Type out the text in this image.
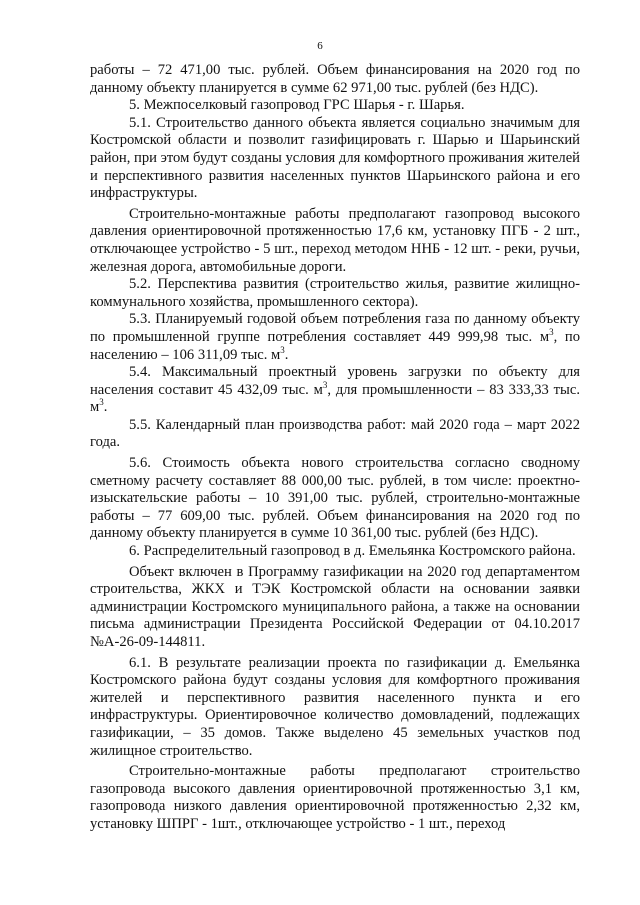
6

работы – 72 471,00 тыс. рублей. Объем финансирования на 2020 год по данному объекту планируется в сумме 62 971,00 тыс. рублей (без НДС).

5. Межпоселковый газопровод ГРС Шарья - г. Шарья.

5.1. Строительство данного объекта является социально значимым для Костромской области и позволит газифицировать г. Шарью и Шарьинский район, при этом будут созданы условия для комфортного проживания жителей и перспективного развития населенных пунктов Шарьинского района и его инфраструктуры.

Строительно-монтажные работы предполагают газопровод высокого давления ориентировочной протяженностью 17,6 км, установку ПГБ - 2 шт., отключающее устройство - 5 шт., переход методом ННБ - 12 шт. - реки, ручьи, железная дорога, автомобильные дороги.

5.2. Перспектива развития (строительство жилья, развитие жилищно-коммунального хозяйства, промышленного сектора).

5.3. Планируемый годовой объем потребления газа по данному объекту по промышленной группе потребления составляет 449 999,98 тыс. $м^3$, по населению – 106 311,09 тыс. $м^3$.

5.4. Максимальный проектный уровень загрузки по объекту для населения составит 45 432,09 тыс. $м^3$, для промышленности – 83 333,33 тыс. $м^3$.

5.5. Календарный план производства работ: май 2020 года – март 2022 года.

5.6. Стоимость объекта нового строительства согласно сводному сметному расчету составляет 88 000,00 тыс. рублей, в том числе: проектно-изыскательские работы – 10 391,00 тыс. рублей, строительно-монтажные работы – 77 609,00 тыс. рублей. Объем финансирования на 2020 год по данному объекту планируется в сумме 10 361,00 тыс. рублей (без НДС).

6. Распределительный газопровод в д. Емельянка Костромского района.

Объект включен в Программу газификации на 2020 год департаментом строительства, ЖКХ и ТЭК Костромской области на основании заявки администрации Костромского муниципального района, а также на основании письма администрации Президента Российской Федерации от 04.10.2017 №А-26-09-144811.

6.1. В результате реализации проекта по газификации д. Емельянка Костромского района будут созданы условия для комфортного проживания жителей и перспективного развития населенного пункта и его инфраструктуры. Ориентировочное количество домовладений, подлежащих газификации, – 35 домов. Также выделено 45 земельных участков под жилищное строительство.

Строительно-монтажные работы предполагают строительство газопровода высокого давления ориентировочной протяженностью 3,1 км, газопровода низкого давления ориентировочной протяженностью 2,32 км, установку ШПРГ - 1шт., отключающее устройство - 1 шт., переход
